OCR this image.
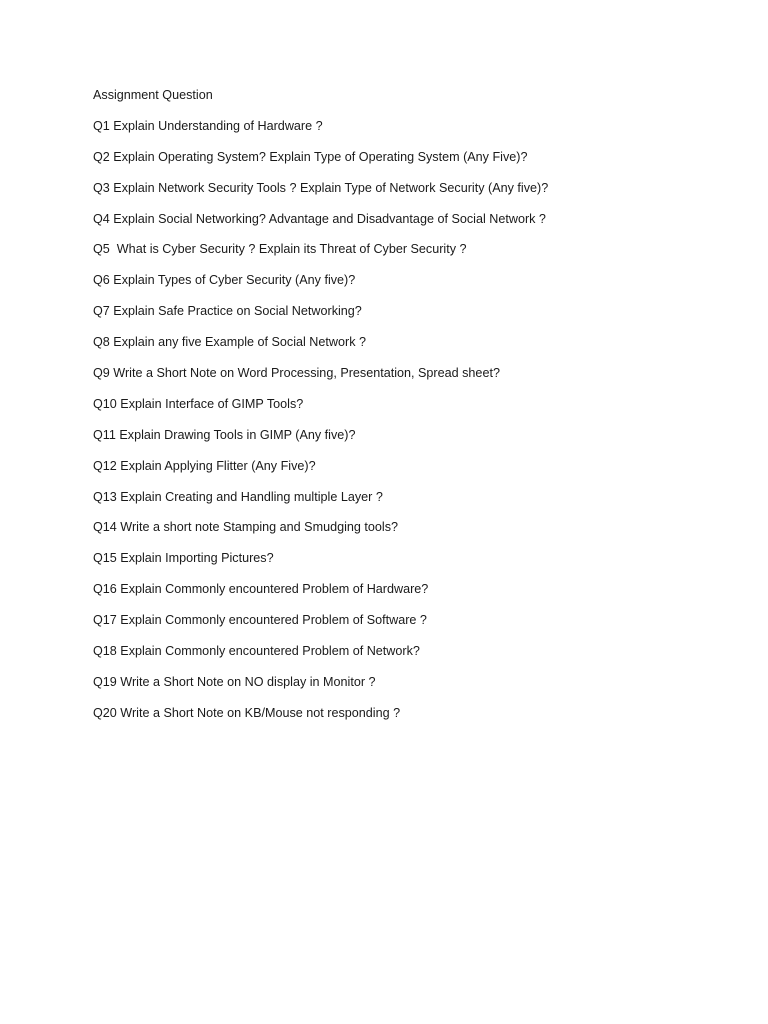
Assignment Question
Q1 Explain Understanding of Hardware ?
Q2 Explain Operating System? Explain Type of Operating System (Any Five)?
Q3 Explain Network Security Tools ? Explain Type of Network Security (Any five)?
Q4 Explain Social Networking? Advantage and Disadvantage of Social Network ?
Q5  What is Cyber Security ? Explain its Threat of Cyber Security ?
Q6 Explain Types of Cyber Security (Any five)?
Q7 Explain Safe Practice on Social Networking?
Q8 Explain any five Example of Social Network ?
Q9 Write a Short Note on Word Processing, Presentation, Spread sheet?
Q10 Explain Interface of GIMP Tools?
Q11 Explain Drawing Tools in GIMP (Any five)?
Q12 Explain Applying Flitter (Any Five)?
Q13 Explain Creating and Handling multiple Layer ?
Q14 Write a short note Stamping and Smudging tools?
Q15 Explain Importing Pictures?
Q16 Explain Commonly encountered Problem of Hardware?
Q17 Explain Commonly encountered Problem of Software ?
Q18 Explain Commonly encountered Problem of Network?
Q19 Write a Short Note on NO display in Monitor ?
Q20 Write a Short Note on KB/Mouse not responding ?
